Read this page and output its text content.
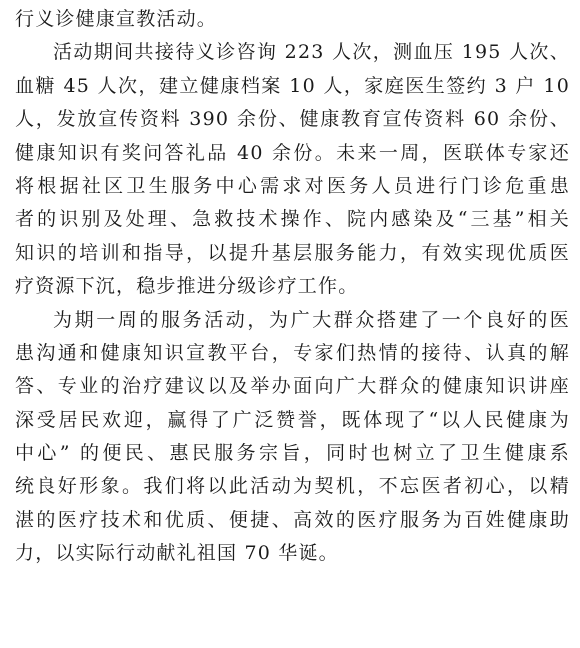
行义诊健康宣教活动。
活动期间共接待义诊咨询 223 人次，测血压 195 人次、
血糖 45 人次，建立健康档案 10 人，家庭医生签约 3 户 10
人，发放宣传资料 390 余份、健康教育宣传资料 60 余份、
健康知识有奖问答礼品 40 余份。未来一周，医联体专家还
将根据社区卫生服务中心需求对医务人员进行门诊危重患
者的识别及处理、急救技术操作、院内感染及“三基”相关
知识的培训和指导，以提升基层服务能力，有效实现优质医
疗资源下沉，稳步推进分级诊疗工作。
为期一周的服务活动，为广大群众搭建了一个良好的医
患沟通和健康知识宣教平台，专家们热情的接待、认真的解
答、专业的治疗建议以及举办面向广大群众的健康知识讲座
深受居民欢迎，赢得了广泛赞誉，既体现了“以人民健康为
中心” 的便民、惠民服务宗旨，同时也树立了卫生健康系
统良好形象。我们将以此活动为契机，不忘医者初心，以精
湛的医疗技术和优质、便捷、高效的医疗服务为百姓健康助
力，以实际行动献礼祖国 70 华诞。
